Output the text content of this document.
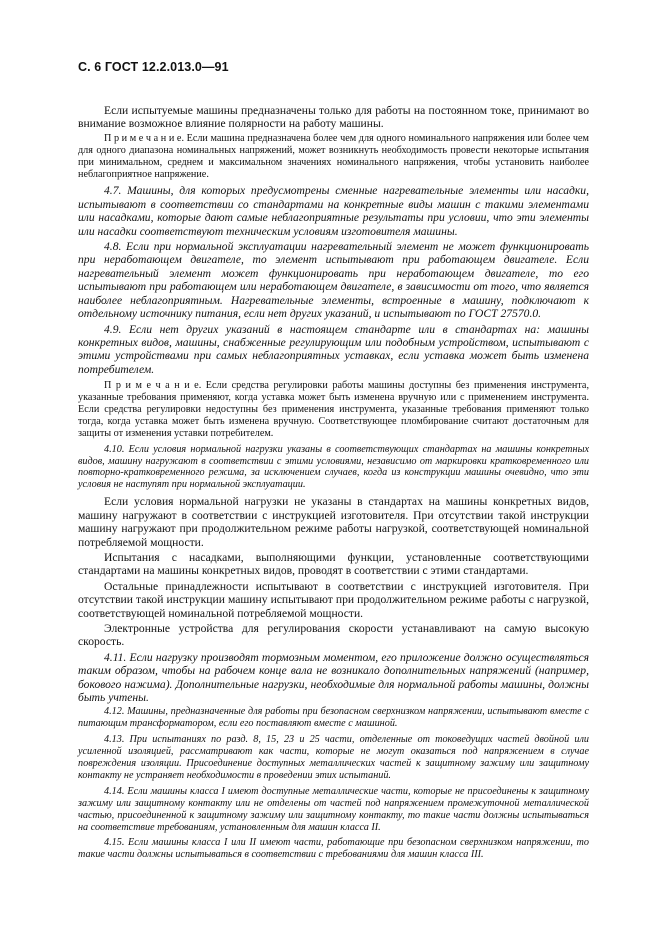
С. 6 ГОСТ 12.2.013.0—91

Если испытуемые машины предназначены только для работы на постоянном токе, принимают во внимание возможное влияние полярности на работу машины.

П р и м е ч а н и е. Если машина предназначена более чем для одного номинального напряжения или более чем для одного диапазона номинальных напряжений, может возникнуть необходимость провести некоторые испытания при минимальном, среднем и максимальном значениях номинального напряжения, чтобы установить наиболее неблагоприятное напряжение.

4.7. Машины, для которых предусмотрены сменные нагревательные элементы или насадки, испытывают в соответствии со стандартами на конкретные виды машин с такими элементами или насадками, которые дают самые неблагоприятные результаты при условии, что эти элементы или насадки соответствуют техническим условиям изготовителя машины.

4.8. Если при нормальной эксплуатации нагревательный элемент не может функционировать при неработающем двигателе, то элемент испытывают при работающем двигателе. Если нагревательный элемент может функционировать при неработающем двигателе, то его испытывают при работающем или неработающем двигателе, в зависимости от того, что является наиболее неблагоприятным. Нагревательные элементы, встроенные в машину, подключают к отдельному источнику питания, если нет других указаний, и испытывают по ГОСТ 27570.0.

4.9. Если нет других указаний в настоящем стандарте или в стандартах на: машины конкретных видов, машины, снабженные регулирующим или подобным устройством, испытывают с этими устройствами при самых неблагоприятных уставках, если уставка может быть изменена потребителем.

П р и м е ч а н и е. Если средства регулировки работы машины доступны без применения инструмента, указанные требования применяют, когда уставка может быть изменена вручную или с применением инструмента. Если средства регулировки недоступны без применения инструмента, указанные требования применяют только тогда, когда уставка может быть изменена вручную. Соответствующее пломбирование считают достаточным для защиты от изменения уставки потребителем.

4.10. Если условия нормальной нагрузки указаны в соответствующих стандартах на машины конкретных видов, машину нагружают в соответствии с этими условиями, независимо от маркировки кратковременного или повторно-кратковременного режима, за исключением случаев, когда из конструкции машины очевидно, что эти условия не наступят при нормальной эксплуатации.

Если условия нормальной нагрузки не указаны в стандартах на машины конкретных видов, машину нагружают в соответствии с инструкцией изготовителя. При отсутствии такой инструкции машину нагружают при продолжительном режиме работы нагрузкой, соответствующей номинальной потребляемой мощности.

Испытания с насадками, выполняющими функции, установленные соответствующими стандартами на машины конкретных видов, проводят в соответствии с этими стандартами.

Остальные принадлежности испытывают в соответствии с инструкцией изготовителя. При отсутствии такой инструкции машину испытывают при продолжительном режиме работы с нагрузкой, соответствующей номинальной потребляемой мощности.

Электронные устройства для регулирования скорости устанавливают на самую высокую скорость.

4.11. Если нагрузку производят тормозным моментом, его приложение должно осуществляться таким образом, чтобы на рабочем конце вала не возникало дополнительных напряжений (например, бокового нажима). Дополнительные нагрузки, необходимые для нормальной работы машины, должны быть учтены.

4.12. Машины, предназначенные для работы при безопасном сверхнизком напряжении, испытывают вместе с питающим трансформатором, если его поставляют вместе с машиной.

4.13. При испытаниях по разд. 8, 15, 23 и 25 части, отделенные от токоведущих частей двойной или усиленной изоляцией, рассматривают как части, которые не могут оказаться под напряжением в случае повреждения изоляции. Присоединение доступных металлических частей к защитному зажиму или защитному контакту не устраняет необходимости в проведении этих испытаний.

4.14. Если машины класса I имеют доступные металлические части, которые не присоединены к защитному зажиму или защитному контакту или не отделены от частей под напряжением промежуточной металлической частью, присоединенной к защитному зажиму или защитному контакту, то такие части должны испытываться на соответствие требованиям, установленным для машин класса II.

4.15. Если машины класса I или II имеют части, работающие при безопасном сверхнизком напряжении, то такие части должны испытываться в соответствии с требованиями для машин класса III.
